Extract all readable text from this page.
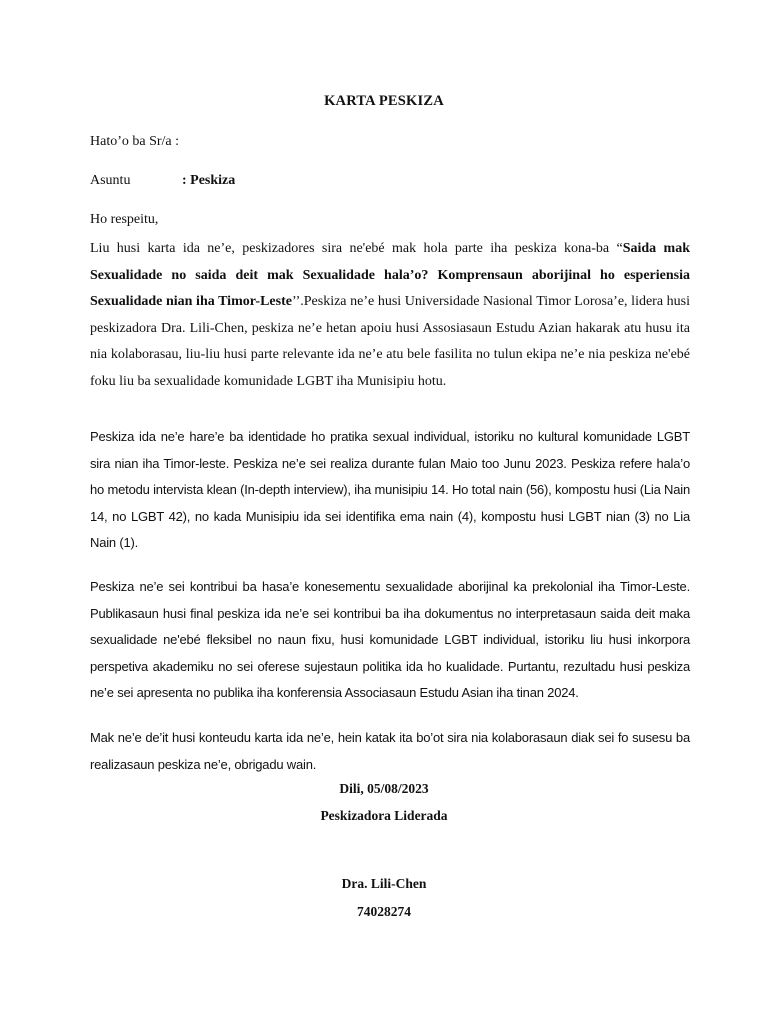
KARTA PESKIZA
Hato’o ba Sr/a :
Asuntu	: Peskiza
Ho respeitu,
Liu husi karta ida ne’e, peskizadores sira ne'ebé mak hola parte iha peskiza kona-ba “Saida mak Sexualidade no saida deit mak Sexualidade hala’o? Komprensaun aborijinal ho esperiensia Sexualidade nian iha Timor-Leste’’.Peskiza ne’e husi Universidade Nasional Timor Lorosa’e, lidera husi peskizadora Dra. Lili-Chen, peskiza ne’e hetan apoiu husi Assosiasaun Estudu Azian hakarak atu husu ita nia kolaborasau, liu-liu husi parte relevante ida ne’e atu bele fasilita no tulun ekipa ne’e nia peskiza ne'ebé foku liu ba sexualidade komunidade LGBT iha Munisipiu hotu.
Peskiza ida ne’e hare’e ba identidade ho pratika sexual individual, istoriku no kultural komunidade LGBT sira nian iha Timor-leste. Peskiza ne’e sei realiza durante fulan Maio too Junu 2023. Peskiza refere hala’o ho metodu intervista klean (In-depth interview), iha munisipiu 14. Ho total nain (56), kompostu husi (Lia Nain 14, no LGBT 42), no kada Munisipiu ida sei identifika ema nain (4), kompostu husi LGBT nian (3) no Lia Nain (1).
Peskiza ne’e sei kontribui ba hasa’e konesementu sexualidade aborijinal ka prekolonial iha Timor-Leste. Publikasaun husi final peskiza ida ne’e sei kontribui ba iha dokumentus no interpretasaun saida deit maka sexualidade ne'ebé fleksibel no naun fixu, husi komunidade LGBT individual, istoriku liu husi inkorpora perspetiva akademiku no sei oferese sujestaun politika ida ho kualidade. Purtantu, rezultadu husi peskiza ne’e sei apresenta no publika iha konferensia Associasaun Estudu Asian iha tinan 2024.
Mak ne’e de’it husi konteudu karta ida ne’e, hein katak ita bo’ot sira nia kolaborasaun diak sei fo susesu ba realizasaun peskiza ne’e, obrigadu wain.
Dili, 05/08/2023
Peskizadora Liderada
Dra. Lili-Chen
74028274
